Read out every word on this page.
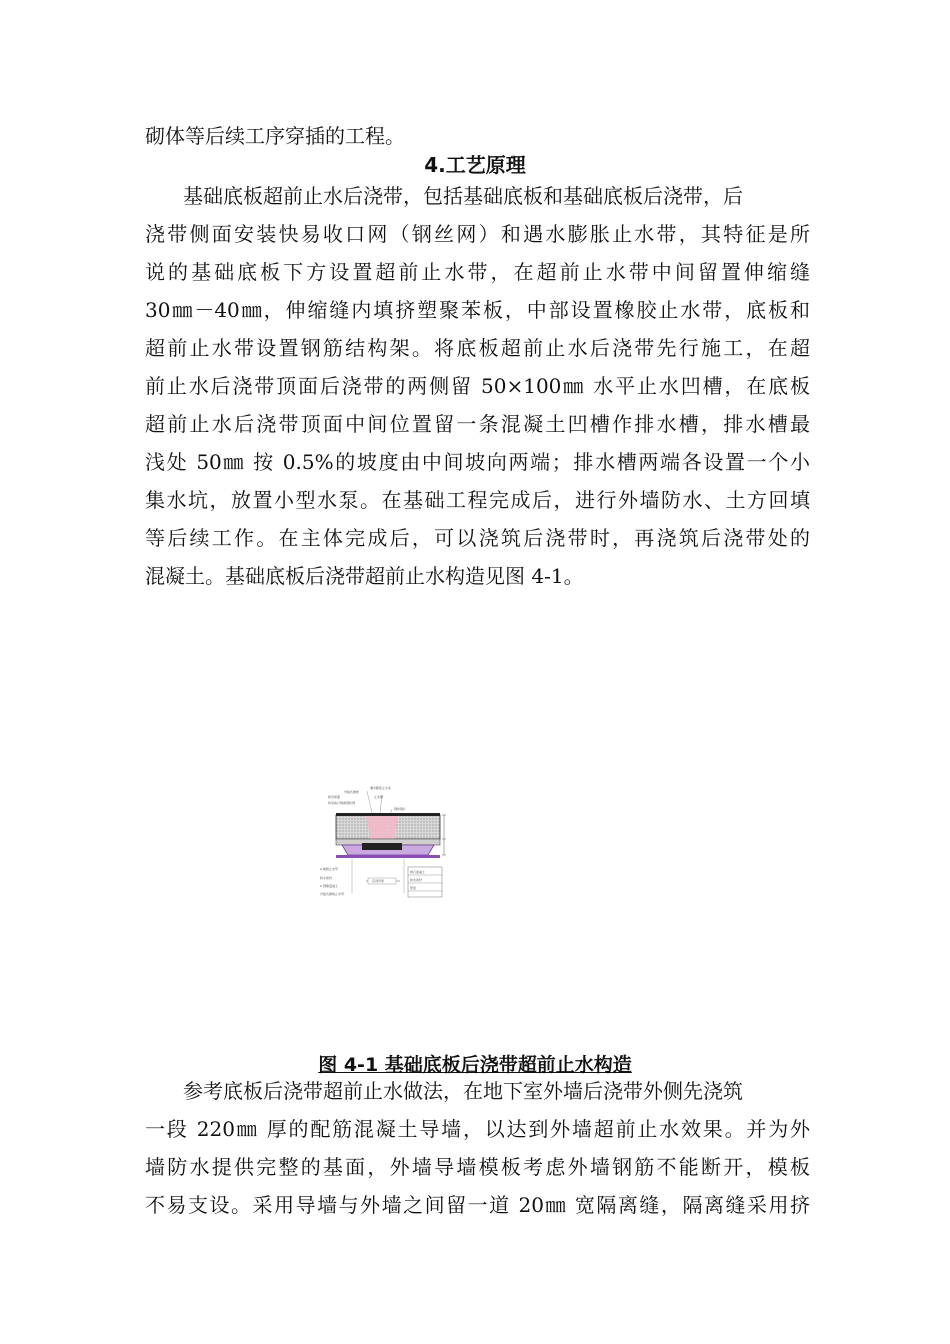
砌体等后续工序穿插的工程。
4.工艺原理
基础底板超前止水后浇带，包括基础底板和基础底板后浇带，后
浇带侧面安装快易收口网（钢丝网）和遇水膨胀止水带，其特征是所
说的基础底板下方设置超前止水带，在超前止水带中间留置伸缩缝
30㎜－40㎜，伸缩缝内填挤塑聚苯板，中部设置橡胶止水带，底板和
超前止水带设置钢筋结构架。将底板超前止水后浇带先行施工，在超
前止水后浇带顶面后浇带的两侧留 50×100㎜ 水平止水凹槽，在底板
超前止水后浇带顶面中间位置留一条混凝土凹槽作排水槽，排水槽最
浅处 50㎜ 按 0.5%的坡度由中间坡向两端；排水槽两端各设置一个小
集水坑，放置小型水泵。在基础工程完成后，进行外墙防水、土方回填
等后续工作。在主体完成后，可以浇筑后浇带时，再浇筑后浇带处的
混凝土。基础底板后浇带超前止水构造见图 4-1。
外贴式橡胶
遇水膨胀止水条
止水钢
钢丝网片
新旧界面
快易收口网或钢丝网
A 橡胶止水带
防水卷材
C 钢筋混凝土
外贴式橡胶止水带
细石混凝土
防水卷材
垫层
后浇带宽
图 4-1 基础底板后浇带超前止水构造
参考底板后浇带超前止水做法，在地下室外墙后浇带外侧先浇筑
一段 220㎜ 厚的配筋混凝土导墙，以达到外墙超前止水效果。并为外
墙防水提供完整的基面，外墙导墙模板考虑外墙钢筋不能断开，模板
不易支设。采用导墙与外墙之间留一道 20㎜ 宽隔离缝，隔离缝采用挤
